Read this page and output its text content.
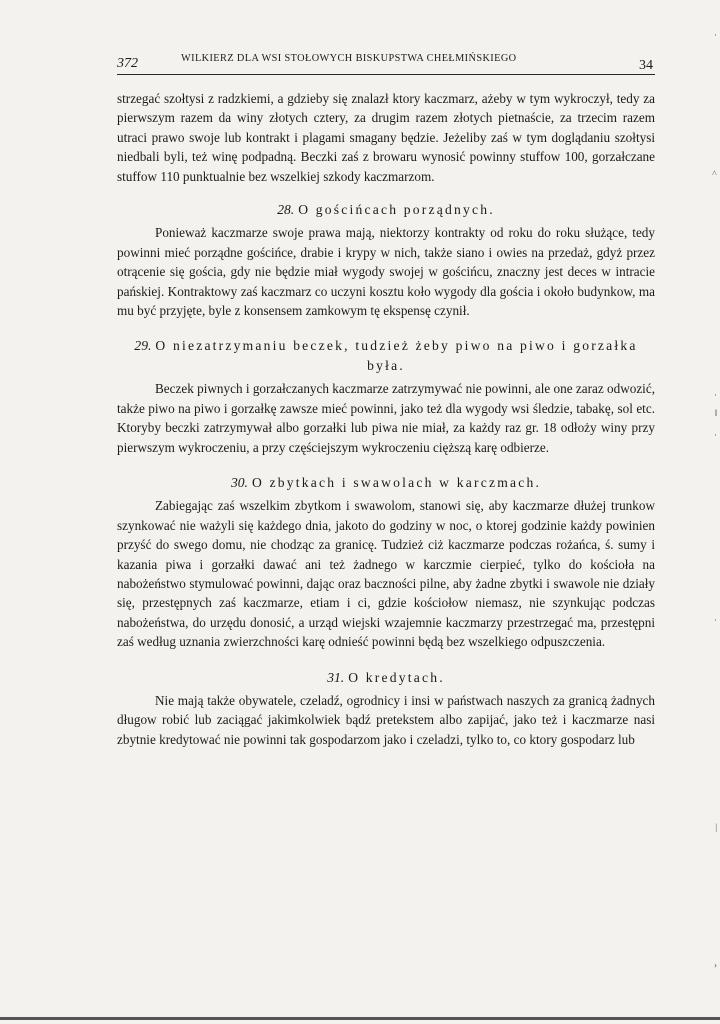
372	WILKIERZ DLA WSI STOŁOWYCH BISKUPSTWA CHEŁMIŃSKIEGO	34

strzegać szołtysi z radzkiemi, a gdzieby się znalazł ktory kaczmarz, ażeby w tym wykroczył, tedy za pierwszym razem da winy złotych cztery, za drugim razem złotych pietnaście, za trzecim razem utraci prawo swoje lub kontrakt i plagami smagany będzie. Jeżeliby zaś w tym doglądaniu szołtysi niedbali byli, też winę podpadną. Beczki zaś z browaru wynosić powinny stuffow 100, gorzałczane stuffow 110 punktualnie bez wszelkiej szkody kaczmarzom.

28. O gościńcach porządnych.

Ponieważ kaczmarze swoje prawa mają, niektorzy kontrakty od roku do roku służące, tedy powinni mieć porządne gościńce, drabie i krypy w nich, także siano i owies na przedaż, gdyż przez otrącenie się gościa, gdy nie będzie miał wygody swojej w gościńcu, znaczny jest deces w intracie pańskiej. Kontraktowy zaś kaczmarz co uczyni kosztu koło wygody dla gościa i około budynkow, ma mu być przyjęte, byle z konsensem zamkowym tę ekspensę czynił.

29. O niezatrzymaniu beczek, tudzież żeby piwo na piwo i gorzałka była.

Beczek piwnych i gorzałczanych kaczmarze zatrzymywać nie powinni, ale one zaraz odwozić, także piwo na piwo i gorzałkę zawsze mieć powinni, jako też dla wygody wsi śledzie, tabakę, sol etc. Ktoryby beczki zatrzymywał albo gorzałki lub piwa nie miał, za każdy raz gr. 18 odłoży winy przy pierwszym wykroczeniu, a przy częściejszym wykroczeniu cięższą karę odbierze.

30. O zbytkach i swawolach w karczmach.

Zabiegając zaś wszelkim zbytkom i swawolom, stanowi się, aby kaczmarze dłużej trunkow szynkować nie ważyli się każdego dnia, jakoto do godziny w noc, o ktorej godzinie każdy powinien przyść do swego domu, nie chodząc za granicę. Tudzież ciż kaczmarze podczas rożańca, ś. sumy i kazania piwa i gorzałki dawać ani też żadnego w karczmie cierpieć, tylko do kościoła na nabożeństwo stymulować powinni, dając oraz baczności pilne, aby żadne zbytki i swawole nie działy się, przestępnych zaś kaczmarze, etiam i ci, gdzie kościołow niemasz, nie szynkując podczas nabożeństwa, do urzędu donosić, a urząd wiejski wzajemnie kaczmarzy przestrzegać ma, przestępni zaś według uznania zwierzchności karę odnieść powinni będą bez wszelkiego odpuszczenia.

31. O kredytach.

Nie mają także obywatele, czeladź, ogrodnicy i insi w państwach naszych za granicą żadnych długow robić lub zaciągać jakimkolwiek bądź pretekstem albo zapijać, jako też i kaczmarze nasi zbytnie kredytować nie powinni tak gospodarzom jako i czeladzi, tylko to, co ktory gospodarz lub

·
˄
·
‖
·
·
|
›
